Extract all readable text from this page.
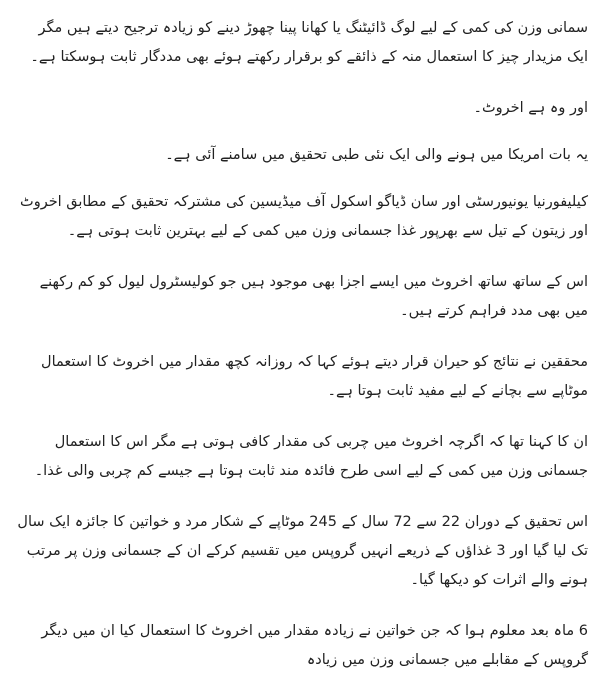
سمانی وزن کی کمی کے لیے لوگ ڈائیٹنگ یا کھانا پینا چھوڑ دینے کو زیادہ ترجیح دیتے ہیں مگر ایک مزیدار چیز کا استعمال منہ کے ذائقے کو برقرار رکھتے ہوئے بھی مددگار ثابت ہوسکتا ہے۔

اور وہ ہے اخروٹ۔

یہ بات امریکا میں ہونے والی ایک نئی طبی تحقیق میں سامنے آئی ہے۔

کیلیفورنیا یونیورسٹی اور سان ڈیاگو اسکول آف میڈیسین کی مشترکہ تحقیق کے مطابق اخروٹ اور زیتون کے تیل سے بھرپور غذا جسمانی وزن میں کمی کے لیے بہترین ثابت ہوتی ہے۔

اس کے ساتھ ساتھ اخروٹ میں ایسے اجزا بھی موجود ہیں جو کولیسٹرول لیول کو کم رکھنے میں بھی مدد فراہم کرتے ہیں۔

محققین نے نتائج کو حیران قرار دیتے ہوئے کہا کہ روزانہ کچھ مقدار میں اخروٹ کا استعمال موٹاپے سے بچانے کے لیے مفید ثابت ہوتا ہے۔

ان کا کہنا تھا کہ اگرچہ اخروٹ میں چربی کی مقدار کافی ہوتی ہے مگر اس کا استعمال جسمانی وزن میں کمی کے لیے اسی طرح فائدہ مند ثابت ہوتا ہے جیسے کم چربی والی غذا۔

اس تحقیق کے دوران 22 سے 72 سال کے 245 موٹاپے کے شکار مرد و خواتین کا جائزہ ایک سال تک لیا گیا اور 3 غذاﺅں کے ذریعے انہیں گروپس میں تقسیم کرکے ان کے جسمانی وزن پر مرتب ہونے والے اثرات کو دیکھا گیا۔

6 ماہ بعد معلوم ہوا کہ جن خواتین نے زیادہ مقدار میں اخروٹ کا استعمال کیا ان میں دیگر گروپس کے مقابلے میں جسمانی وزن میں زیادہ
